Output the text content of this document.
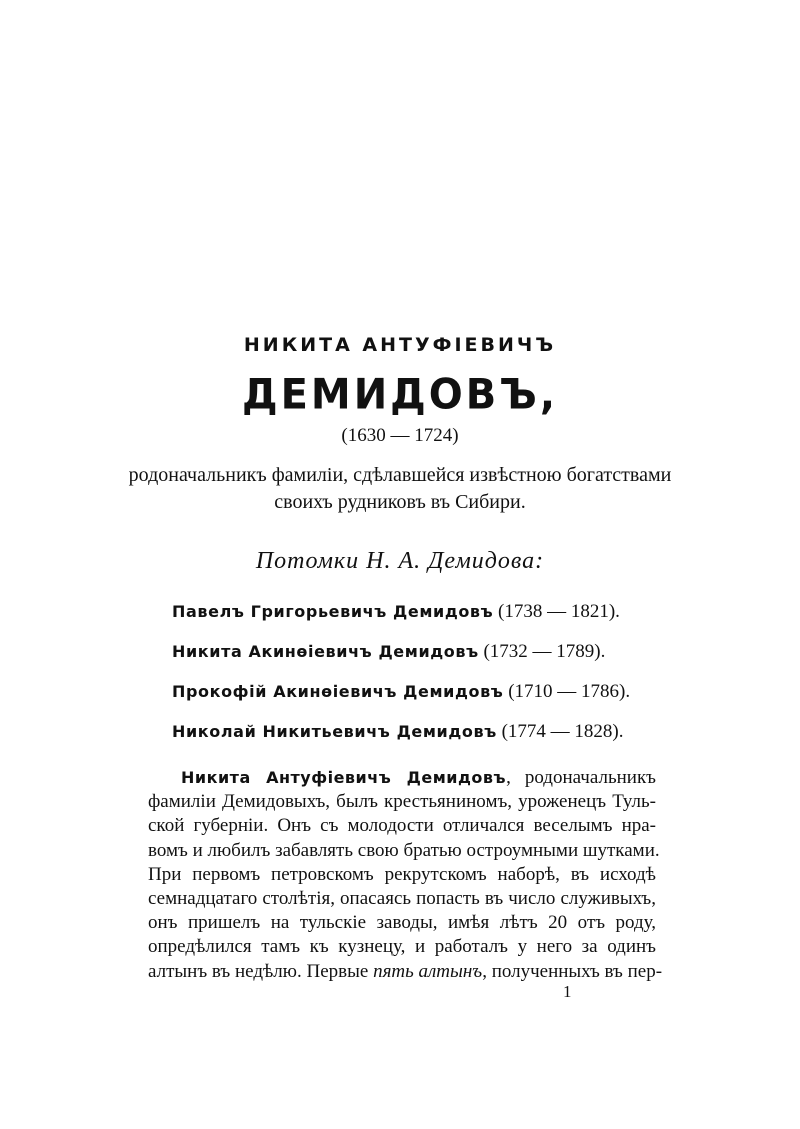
НИКИТА АНТУФІЕВИЧЪ
ДЕМИДОВЪ,
(1630 — 1724)
родоначальникъ фамиліи, сдѣлавшейся извѣстною богатствами
своихъ рудниковъ въ Сибири.
Потомки Н. А. Демидова:
Павелъ Григорьевичъ Демидовъ (1738 — 1821).
Никита Акинѳіевичъ Демидовъ (1732 — 1789).
Прокофій Акинѳіевичъ Демидовъ (1710 — 1786).
Николай Никитьевичъ Демидовъ (1774 — 1828).
Никита Антуфіевичъ Демидовъ, родоначальникъ
фамиліи Демидовыхъ, былъ крестьяниномъ, уроженецъ Туль-
ской губерніи. Онъ съ молодости отличался веселымъ нра-
вомъ и любилъ забавлять свою братью остроумными шутками.
При первомъ петровскомъ рекрутскомъ наборѣ, въ исходѣ
семнадцатаго столѣтія, опасаясь попасть въ число служивыхъ,
онъ пришелъ на тульскіе заводы, имѣя лѣтъ 20 отъ роду,
опредѣлился тамъ къ кузнецу, и работалъ у него за одинъ
алтынъ въ недѣлю. Первые пять алтынъ, полученныхъ въ пер-
1
